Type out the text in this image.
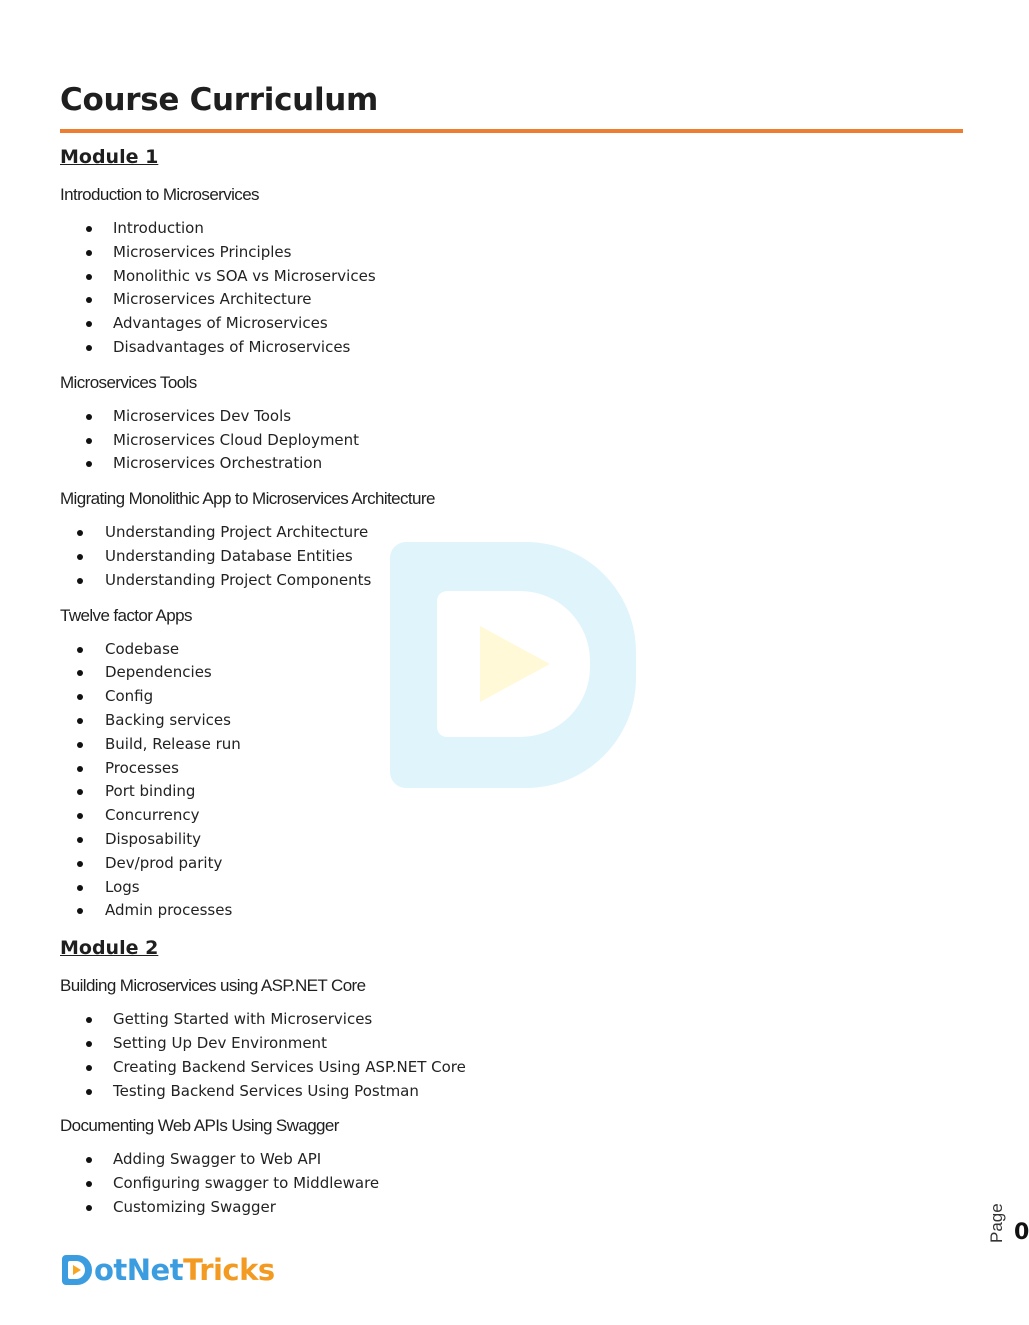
Course Curriculum
Module 1
Introduction to Microservices
Introduction
Microservices Principles
Monolithic vs SOA vs Microservices
Microservices Architecture
Advantages of Microservices
Disadvantages of Microservices
Microservices Tools
Microservices Dev Tools
Microservices Cloud Deployment
Microservices Orchestration
Migrating Monolithic App to Microservices Architecture
Understanding Project Architecture
Understanding Database Entities
Understanding Project Components
Twelve factor Apps
Codebase
Dependencies
Config
Backing services
Build, Release run
Processes
Port binding
Concurrency
Disposability
Dev/prod parity
Logs
Admin processes
Module 2
Building Microservices using ASP.NET Core
Getting Started with Microservices
Setting Up Dev Environment
Creating Backend Services Using ASP.NET Core
Testing Backend Services Using Postman
Documenting Web APIs Using Swagger
Adding Swagger to Web API
Configuring swagger to Middleware
Customizing Swagger
otNet Tricks
Page 0
